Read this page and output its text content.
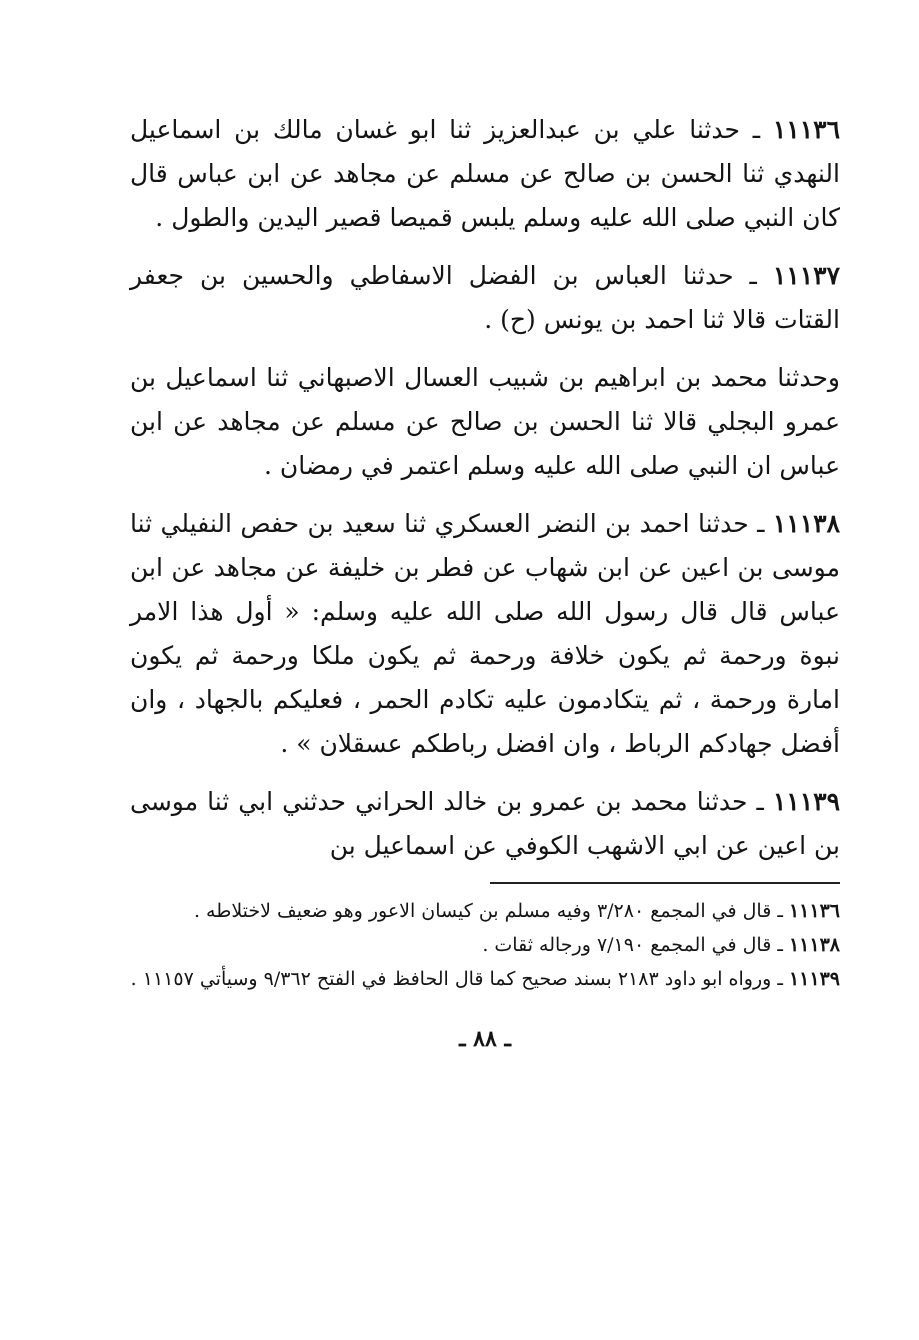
١١١٣٦ ـ حدثنا علي بن عبدالعزيز ثنا ابو غسان مالك بن اسماعيل النهدي ثنا الحسن بن صالح عن مسلم عن مجاهد عن ابن عباس قال كان النبي صلى الله عليه وسلم يلبس قميصا قصير اليدين والطول .

١١١٣٧ ـ حدثنا العباس بن الفضل الاسفاطي والحسين بن جعفر القتات قالا ثنا احمد بن يونس (ح) .

وحدثنا محمد بن ابراهيم بن شبيب العسال الاصبهاني ثنا اسماعيل بن عمرو البجلي قالا ثنا الحسن بن صالح عن مسلم عن مجاهد عن ابن عباس ان النبي صلى الله عليه وسلم اعتمر في رمضان .

١١١٣٨ ـ حدثنا احمد بن النضر العسكري ثنا سعيد بن حفص النفيلي ثنا موسى بن اعين عن ابن شهاب عن فطر بن خليفة عن مجاهد عن ابن عباس قال قال رسول الله صلى الله عليه وسلم: « أول هذا الامر نبوة ورحمة ثم يكون خلافة ورحمة ثم يكون ملكا ورحمة ثم يكون امارة ورحمة ، ثم يتكادمون عليه تكادم الحمر ، فعليكم بالجهاد ، وان أفضل جهادكم الرباط ، وان افضل رباطكم عسقلان » .

١١١٣٩ ـ حدثنا محمد بن عمرو بن خالد الحراني حدثني ابي ثنا موسى بن اعين عن ابي الاشهب الكوفي عن اسماعيل بن

١١١٣٦ ـ قال في المجمع ٣/٢٨٠ وفيه مسلم بن كيسان الاعور وهو ضعيف لاختلاطه .

١١١٣٨ ـ قال في المجمع ٧/١٩٠ ورجاله ثقات .

١١١٣٩ ـ ورواه ابو داود ٢١٨٣ بسند صحيح كما قال الحافظ في الفتح ٩/٣٦٢ وسيأتي ١١١٥٧ .

ـ ٨٨ ـ
